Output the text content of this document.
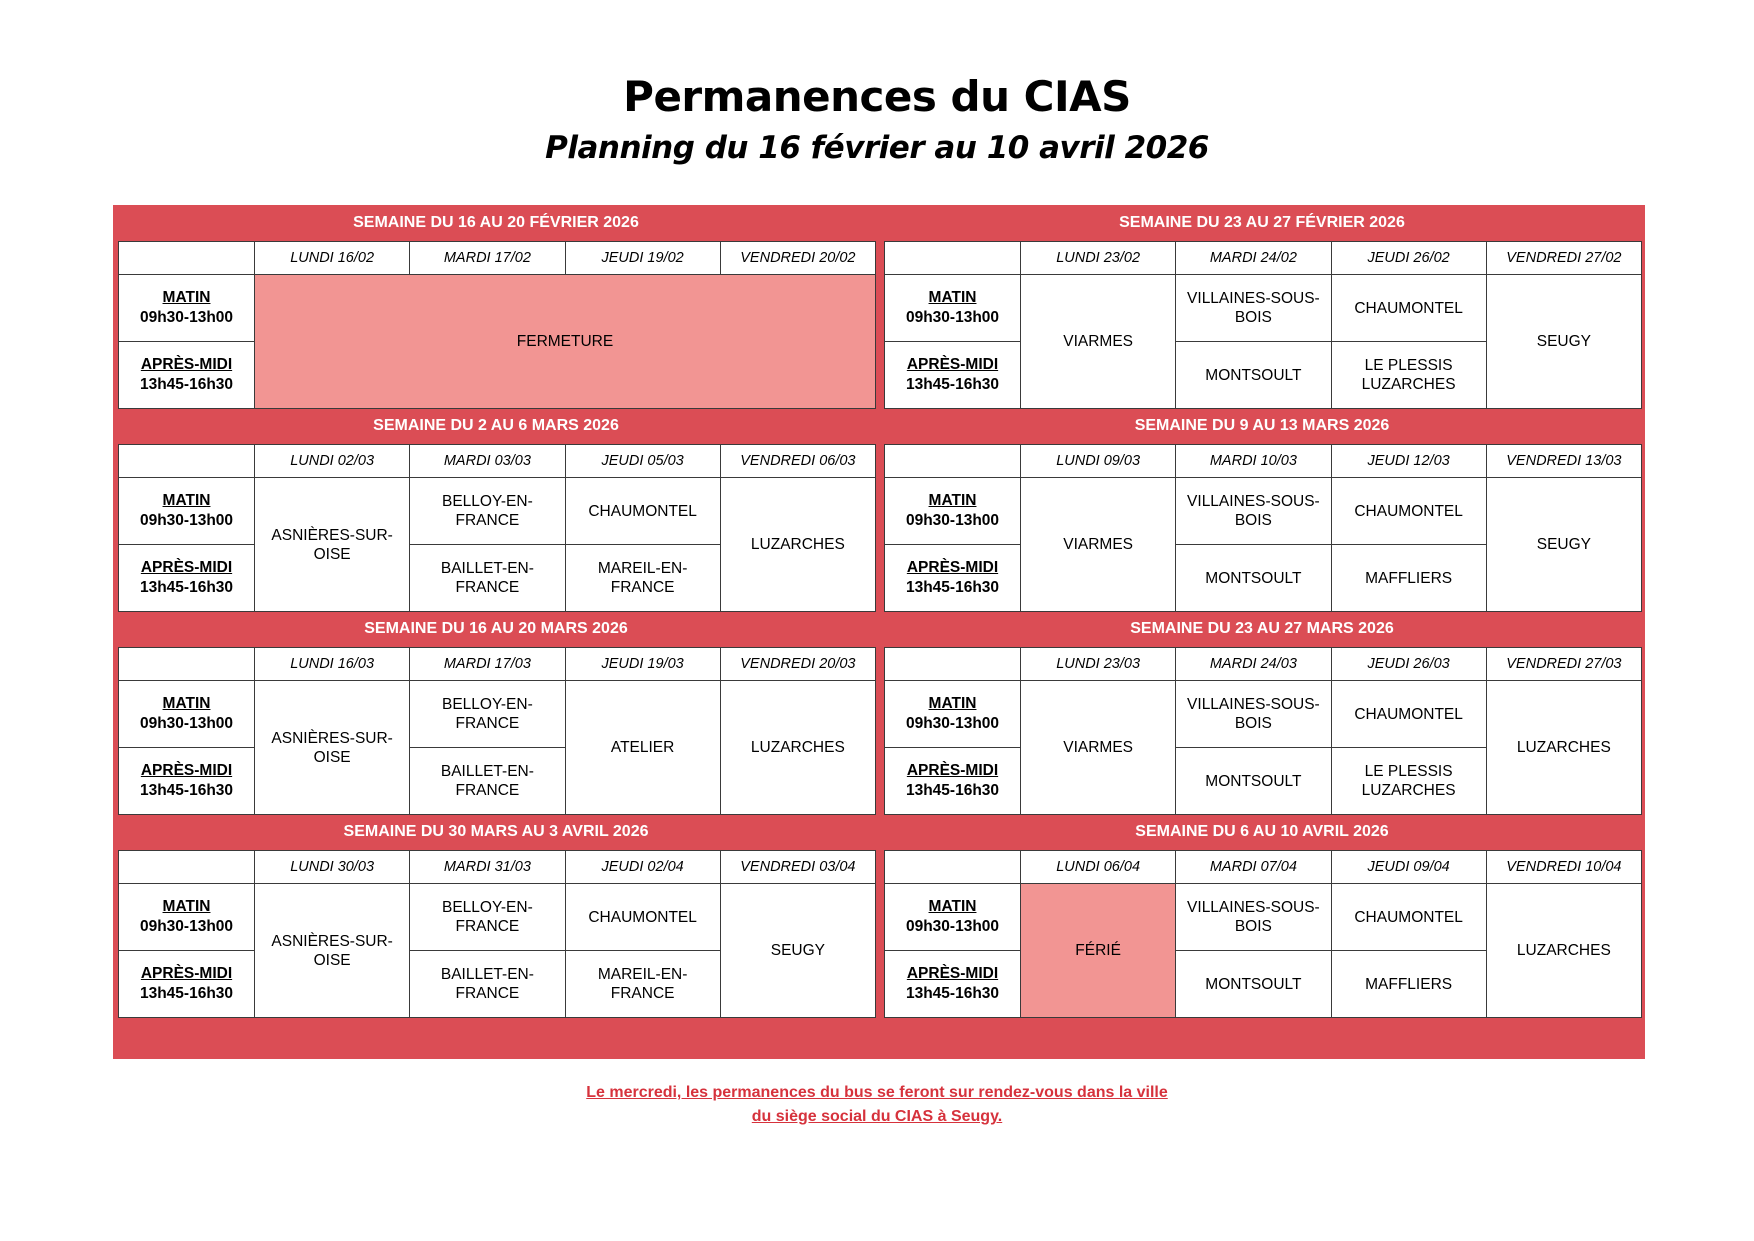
Permanences du CIAS
Planning du 16 février au 10 avril 2026
SEMAINE DU 16 AU 20 FÉVRIER 2026
	LUNDI 16/02	MARDI 17/02	JEUDI 19/02	VENDREDI 20/02

MATIN
09h30-13h00	FERMETURE			

APRÈS-MIDI
13h45-16h30				
SEMAINE DU 23 AU 27 FÉVRIER 2026
	LUNDI 23/02	MARDI 24/02	JEUDI 26/02	VENDREDI 27/02

MATIN
09h30-13h00	VIARMES	VILLAINES-SOUS-BOIS	CHAUMONTEL	SEUGY

APRÈS-MIDI
13h45-16h30		MONTSOULT	LE PLESSIS LUZARCHES	
SEMAINE DU 2 AU 6 MARS 2026
	LUNDI 02/03	MARDI 03/03	JEUDI 05/03	VENDREDI 06/03

MATIN
09h30-13h00	ASNIÈRES-SUR-OISE	BELLOY-EN-FRANCE	CHAUMONTEL	LUZARCHES

APRÈS-MIDI
13h45-16h30		BAILLET-EN-FRANCE	MAREIL-EN-FRANCE	
SEMAINE DU 9 AU 13 MARS 2026
	LUNDI 09/03	MARDI 10/03	JEUDI 12/03	VENDREDI 13/03

MATIN
09h30-13h00	VIARMES	VILLAINES-SOUS-BOIS	CHAUMONTEL	SEUGY

APRÈS-MIDI
13h45-16h30		MONTSOULT	MAFFLIERS	
SEMAINE DU 16 AU 20 MARS 2026
	LUNDI 16/03	MARDI 17/03	JEUDI 19/03	VENDREDI 20/03

MATIN
09h30-13h00	ASNIÈRES-SUR-OISE	BELLOY-EN-FRANCE	ATELIER	LUZARCHES

APRÈS-MIDI
13h45-16h30		BAILLET-EN-FRANCE		
SEMAINE DU 23 AU 27 MARS 2026
	LUNDI 23/03	MARDI 24/03	JEUDI 26/03	VENDREDI 27/03

MATIN
09h30-13h00	VIARMES	VILLAINES-SOUS-BOIS	CHAUMONTEL	LUZARCHES

APRÈS-MIDI
13h45-16h30		MONTSOULT	LE PLESSIS LUZARCHES	
SEMAINE DU 30 MARS AU 3 AVRIL 2026
	LUNDI 30/03	MARDI 31/03	JEUDI 02/04	VENDREDI 03/04

MATIN
09h30-13h00	ASNIÈRES-SUR-OISE	BELLOY-EN-FRANCE	CHAUMONTEL	SEUGY

APRÈS-MIDI
13h45-16h30		BAILLET-EN-FRANCE	MAREIL-EN-FRANCE	
SEMAINE DU 6 AU 10 AVRIL 2026
	LUNDI 06/04	MARDI 07/04	JEUDI 09/04	VENDREDI 10/04

MATIN
09h30-13h00	FÉRIÉ	VILLAINES-SOUS-BOIS	CHAUMONTEL	LUZARCHES

APRÈS-MIDI
13h45-16h30		MONTSOULT	MAFFLIERS	
Le mercredi, les permanences du bus se feront sur rendez-vous dans la ville
du siège social du CIAS à Seugy.
